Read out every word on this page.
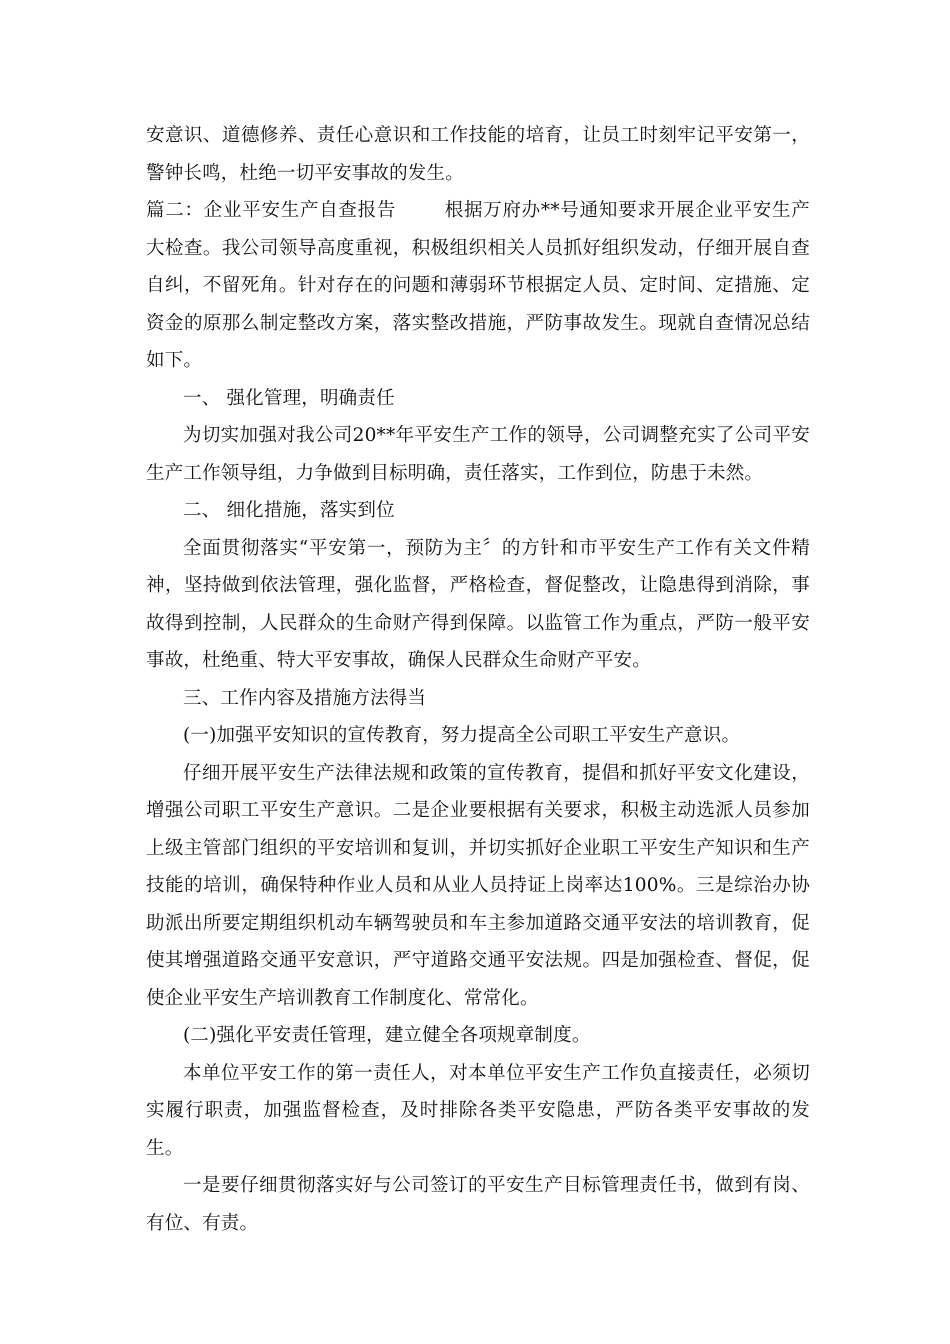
安意识、道德修养、责任心意识和工作技能的培育，让员工时刻牢记平安第一，警钟长鸣，杜绝一切平安事故的发生。

篇二：企业平安生产自查报告	根据万府办**号通知要求开展企业平安生产大检查。我公司领导高度重视，积极组织相关人员抓好组织发动，仔细开展自查自纠，不留死角。针对存在的问题和薄弱环节根据定人员、定时间、定措施、定资金的原那么制定整改方案，落实整改措施，严防事故发生。现就自查情况总结如下。

一、 强化管理，明确责任

为切实加强对我公司20**年平安生产工作的领导，公司调整充实了公司平安生产工作领导组，力争做到目标明确，责任落实，工作到位，防患于未然。

二、 细化措施，落实到位

全面贯彻落实“平安第一，预防为主〞的方针和市平安生产工作有关文件精神，坚持做到依法管理，强化监督，严格检查，督促整改，让隐患得到消除，事故得到控制，人民群众的生命财产得到保障。以监管工作为重点，严防一般平安事故，杜绝重、特大平安事故，确保人民群众生命财产平安。

三、工作内容及措施方法得当

(一)加强平安知识的宣传教育，努力提高全公司职工平安生产意识。

仔细开展平安生产法律法规和政策的宣传教育，提倡和抓好平安文化建设，增强公司职工平安生产意识。二是企业要根据有关要求，积极主动选派人员参加上级主管部门组织的平安培训和复训，并切实抓好企业职工平安生产知识和生产技能的培训，确保特种作业人员和从业人员持证上岗率达100%。三是综治办协助派出所要定期组织机动车辆驾驶员和车主参加道路交通平安法的培训教育，促使其增强道路交通平安意识，严守道路交通平安法规。四是加强检查、督促，促使企业平安生产培训教育工作制度化、常常化。

(二)强化平安责任管理，建立健全各项规章制度。

本单位平安工作的第一责任人，对本单位平安生产工作负直接责任，必须切实履行职责，加强监督检查，及时排除各类平安隐患，严防各类平安事故的发生。

一是要仔细贯彻落实好与公司签订的平安生产目标管理责任书，做到有岗、有位、有责。
